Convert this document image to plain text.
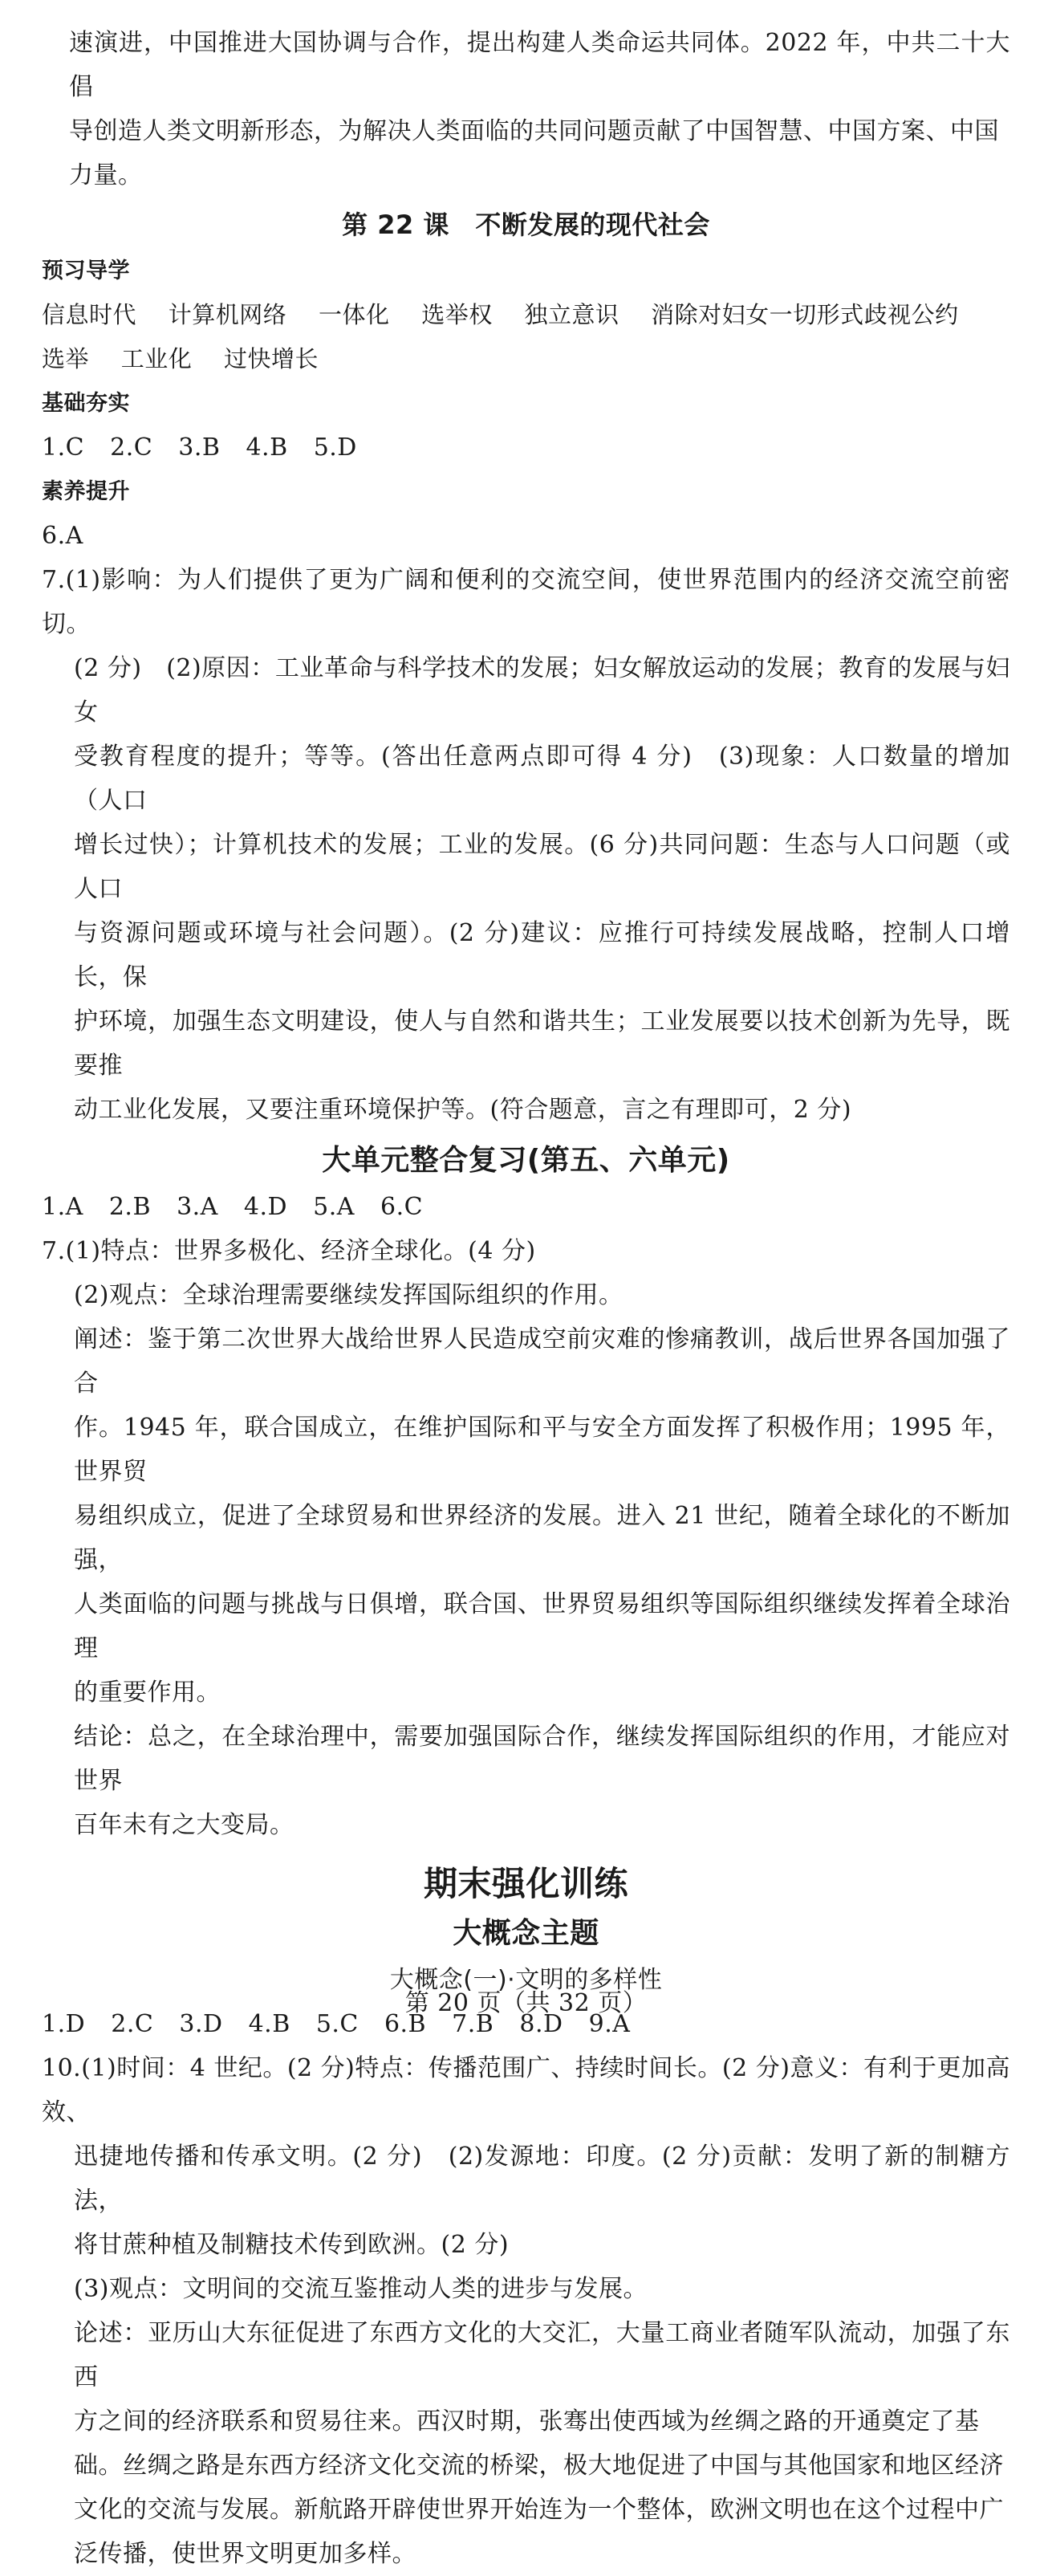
速演进，中国推进大国协调与合作，提出构建人类命运共同体。2022 年，中共二十大倡

导创造人类文明新形态，为解决人类面临的共同问题贡献了中国智慧、中国方案、中国

力量。

第 22 课　不断发展的现代社会

预习导学

信息时代 计算机网络 一体化 选举权 独立意识 消除对妇女一切形式歧视公约

选举 工业化 过快增长

基础夯实

1.C 2.C 3.B 4.B 5.D

素养提升

6.A

7.(1)影响：为人们提供了更为广阔和便利的交流空间，使世界范围内的经济交流空前密切。

(2 分)　(2)原因：工业革命与科学技术的发展；妇女解放运动的发展；教育的发展与妇女

受教育程度的提升；等等。(答出任意两点即可得 4 分)　(3)现象：人口数量的增加（人口

增长过快）；计算机技术的发展；工业的发展。(6 分)共同问题：生态与人口问题（或人口

与资源问题或环境与社会问题）。(2 分)建议：应推行可持续发展战略，控制人口增长，保

护环境，加强生态文明建设，使人与自然和谐共生；工业发展要以技术创新为先导，既要推

动工业化发展，又要注重环境保护等。(符合题意，言之有理即可，2 分)

大单元整合复习(第五、六单元)

1.A 2.B 3.A 4.D 5.A 6.C

7.(1)特点：世界多极化、经济全球化。(4 分)

(2)观点：全球治理需要继续发挥国际组织的作用。

阐述：鉴于第二次世界大战给世界人民造成空前灾难的惨痛教训，战后世界各国加强了合

作。1945 年，联合国成立，在维护国际和平与安全方面发挥了积极作用；1995 年，世界贸

易组织成立，促进了全球贸易和世界经济的发展。进入 21 世纪，随着全球化的不断加强，

人类面临的问题与挑战与日俱增，联合国、世界贸易组织等国际组织继续发挥着全球治理

的重要作用。

结论：总之，在全球治理中，需要加强国际合作，继续发挥国际组织的作用，才能应对世界

百年未有之大变局。

期末强化训练

大概念主题

大概念(一)·文明的多样性

1.D 2.C 3.D 4.B 5.C 6.B 7.B 8.D 9.A

10.(1)时间：4 世纪。(2 分)特点：传播范围广、持续时间长。(2 分)意义：有利于更加高效、

迅捷地传播和传承文明。(2 分)　(2)发源地：印度。(2 分)贡献：发明了新的制糖方法，

将甘蔗种植及制糖技术传到欧洲。(2 分)

(3)观点：文明间的交流互鉴推动人类的进步与发展。

论述：亚历山大东征促进了东西方文化的大交汇，大量工商业者随军队流动，加强了东西

方之间的经济联系和贸易往来。西汉时期，张骞出使西域为丝绸之路的开通奠定了基

础。丝绸之路是东西方经济文化交流的桥梁，极大地促进了中国与其他国家和地区经济

文化的交流与发展。新航路开辟使世界开始连为一个整体，欧洲文明也在这个过程中广

泛传播，使世界文明更加多样。

第 20 页（共 32 页）
